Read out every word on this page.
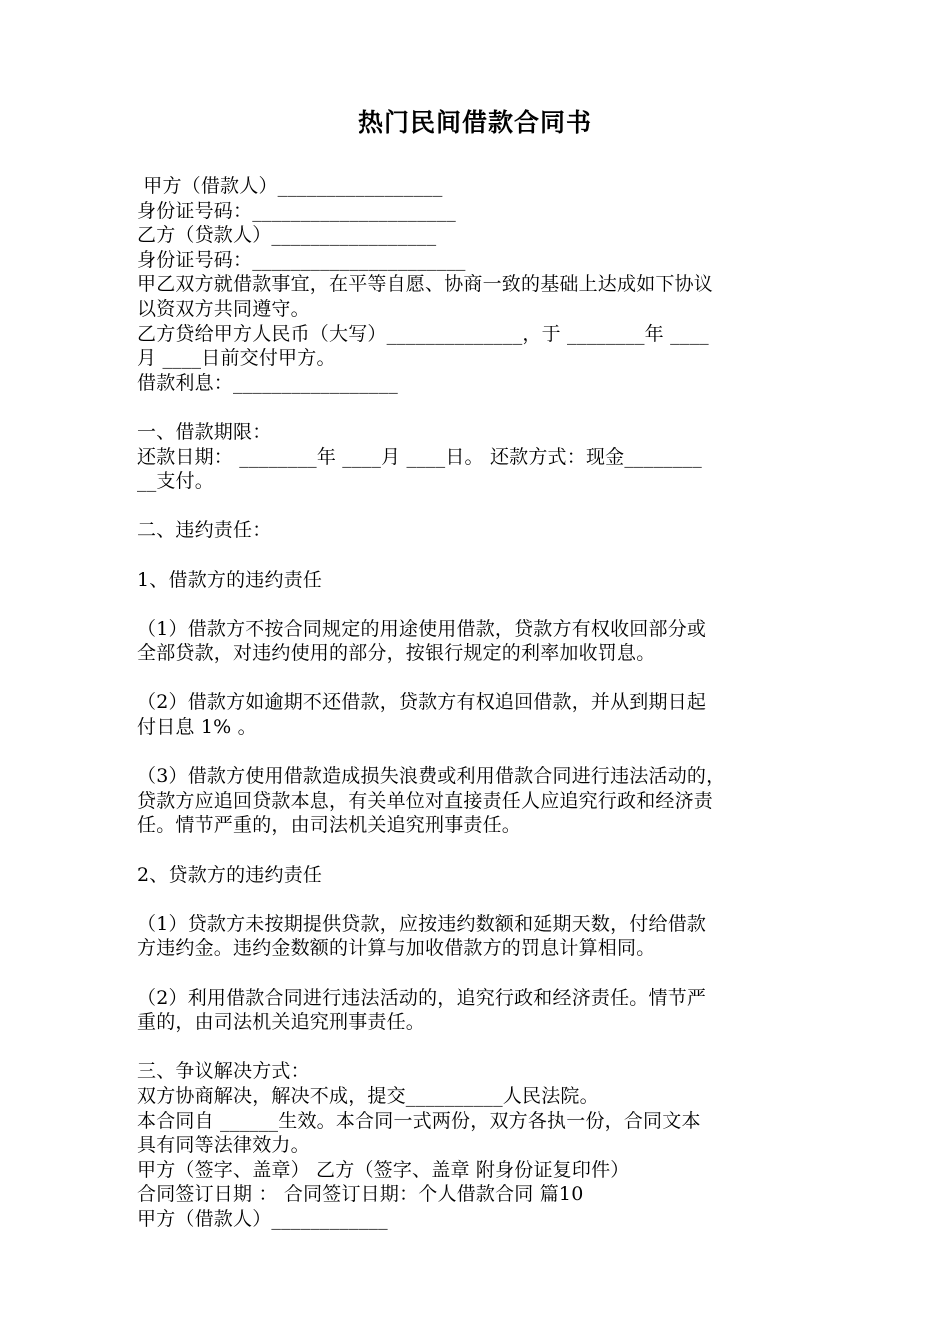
热门民间借款合同书
甲方（借款人）_________________
身份证号码：_____________________
乙方（贷款人）_________________
身份证号码：______________________
甲乙双方就借款事宜，在平等自愿、协商一致的基础上达成如下协议
以资双方共同遵守。
乙方贷给甲方人民币（大写）______________，于 ________年 ____
月 ____日前交付甲方。
借款利息：_________________
一、借款期限：
还款日期： ________年 ____月 ____日。 还款方式：现金________
__支付。
二、违约责任：
1、借款方的违约责任
（1）借款方不按合同规定的用途使用借款，贷款方有权收回部分或
全部贷款，对违约使用的部分，按银行规定的利率加收罚息。
（2）借款方如逾期不还借款，贷款方有权追回借款，并从到期日起
付日息 1% 。
（3）借款方使用借款造成损失浪费或利用借款合同进行违法活动的，
贷款方应追回贷款本息，有关单位对直接责任人应追究行政和经济责
任。情节严重的，由司法机关追究刑事责任。
2、贷款方的违约责任
（1）贷款方未按期提供贷款，应按违约数额和延期天数，付给借款
方违约金。违约金数额的计算与加收借款方的罚息计算相同。
（2）利用借款合同进行违法活动的，追究行政和经济责任。情节严
重的，由司法机关追究刑事责任。
三、争议解决方式：
双方协商解决，解决不成，提交__________人民法院。
本合同自 ______生效。本合同一式两份，双方各执一份，合同文本
具有同等法律效力。
甲方（签字、盖章） 乙方（签字、盖章 附身份证复印件）
合同签订日期 ： 合同签订日期：个人借款合同 篇10
甲方（借款人）____________
